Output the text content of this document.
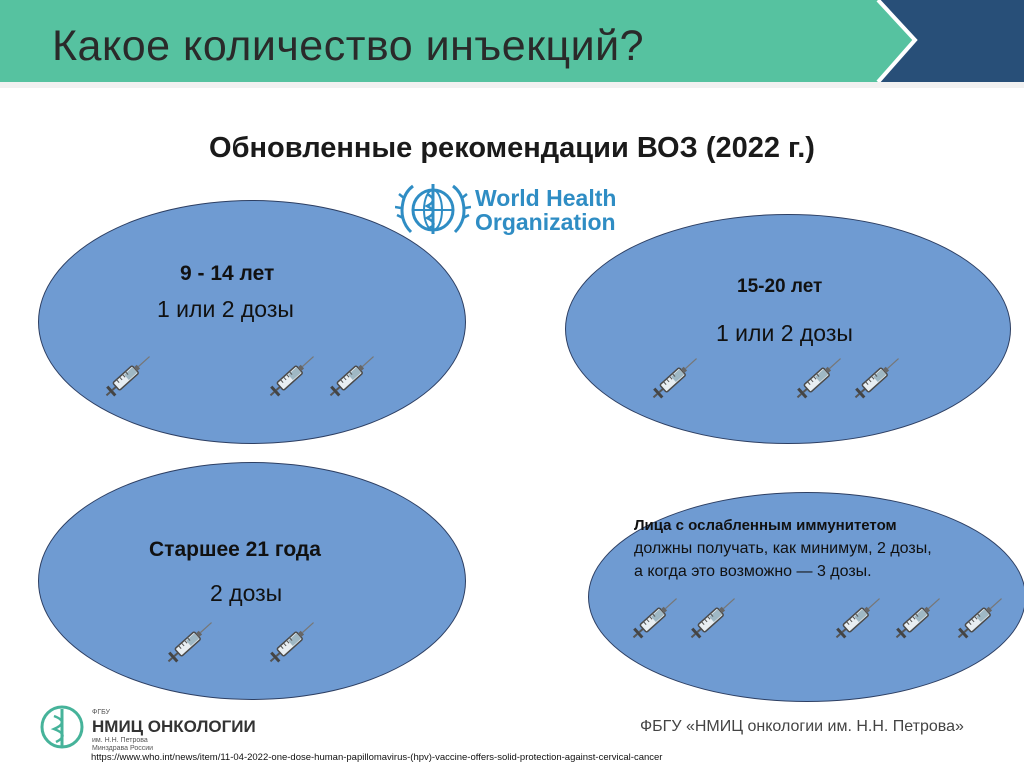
Какое количество инъекций?
Обновленные рекомендации ВОЗ (2022 г.)
World Health
Organization
9 - 14 лет
1 или 2 дозы
15-20 лет
1 или 2 дозы
Старшее 21 года
2 дозы
Лица с ослабленным иммунитетом
должны получать, как минимум, 2 дозы,
а когда это возможно — 3 дозы.
ФГБУ
НМИЦ ОНКОЛОГИИ
им. Н.Н. Петрова
Минздрава России
ФБГУ «НМИЦ онкологии им. Н.Н. Петрова»
https://www.who.int/news/item/11-04-2022-one-dose-human-papillomavirus-(hpv)-vaccine-offers-solid-protection-against-cervical-cancer
